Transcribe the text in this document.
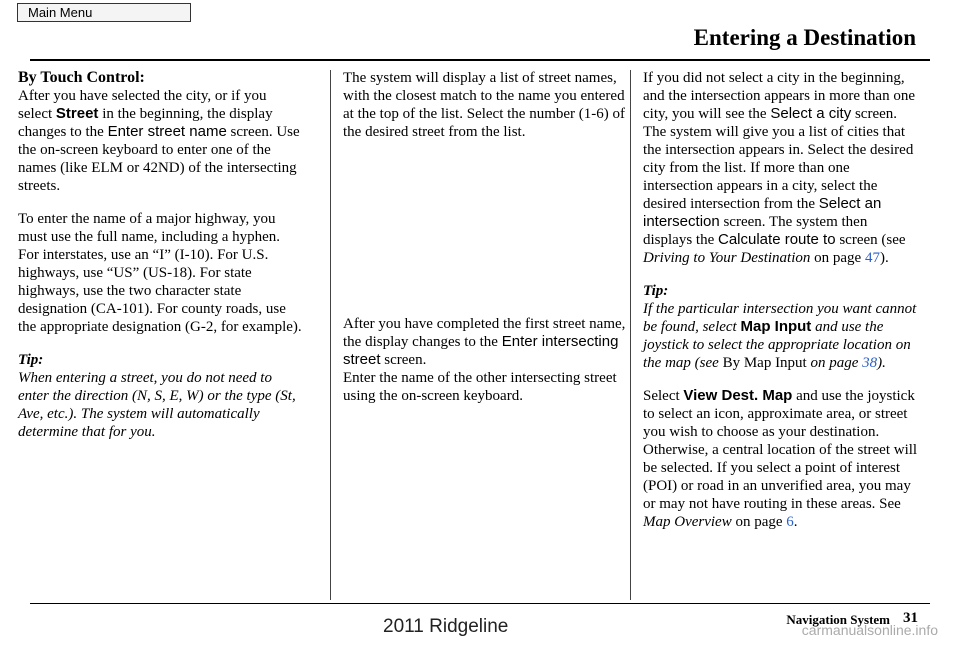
Main Menu
Entering a Destination

By Touch Control:

After you have selected the city, or if you select Street in the beginning, the display changes to the Enter street name screen. Use the on-screen keyboard to enter one of the names (like ELM or 42ND) of the intersecting streets.

To enter the name of a major highway, you must use the full name, including a hyphen. For interstates, use an “I” (I-10). For U.S. highways, use “US” (US-18). For state highways, use the two character state designation (CA-101). For county roads, use the appropriate designation (G-2, for example).

Tip:

When entering a street, you do not need to enter the direction (N, S, E, W) or the type (St, Ave, etc.). The system will automatically determine that for you.

The system will display a list of street names, with the closest match to the name you entered at the top of the list. Select the number (1-6) of the desired street from the list.

After you have completed the first street name, the display changes to the Enter intersecting street screen.
Enter the name of the other intersecting street using the on-screen keyboard.

If you did not select a city in the beginning, and the intersection appears in more than one city, you will see the Select a city screen. The system will give you a list of cities that the intersection appears in. Select the desired city from the list. If more than one intersection appears in a city, select the desired intersection from the Select an intersection screen. The system then displays the Calculate route to screen (see Driving to Your Destination on page 47).

Tip:

If the particular intersection you want cannot be found, select Map Input and use the joystick to select the appropriate location on the map (see By Map Input on page 38).

Select View Dest. Map and use the joystick to select an icon, approximate area, or street you wish to choose as your destination. Otherwise, a central location of the street will be selected. If you select a point of interest (POI) or road in an unverified area, you may or may not have routing in these areas. See Map Overview on page 6.

Navigation System 31
2011 Ridgeline	carmanualsonline.info
